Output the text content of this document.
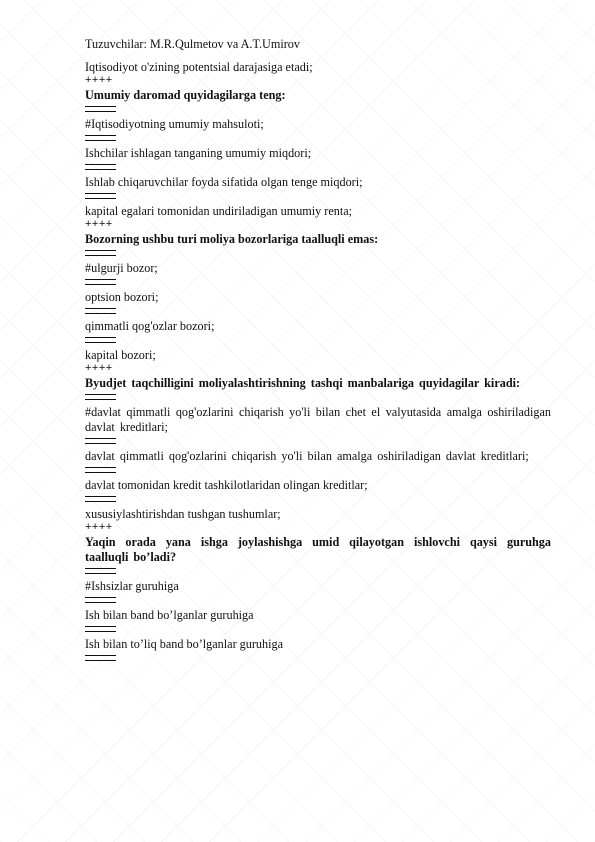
Tuzuvchilar: M.R.Qulmetov va A.T.Umirov

Iqtisodiyot o'zining potentsial darajasiga etadi;

++++

Umumiy daromad quyidagilarga teng:

#Iqtisodiyotning umumiy mahsuloti;

Ishchilar ishlagan tanganing umumiy miqdori;

Ishlab chiqaruvchilar foyda sifatida olgan tenge miqdori;

kapital egalari tomonidan undiriladigan umumiy renta;

++++

Bozorning ushbu turi moliya bozorlariga taalluqli emas:

#ulgurji bozor;

optsion bozori;

qimmatli qog'ozlar bozori;

kapital bozori;

++++

Byudjet taqchilligini moliyalashtirishning tashqi manbalariga quyidagilar kiradi:

#davlat qimmatli qog'ozlarini chiqarish yo'li bilan chet el valyutasida amalga oshiriladigan davlat kreditlari;

davlat qimmatli qog'ozlarini chiqarish yo'li bilan amalga oshiriladigan davlat kreditlari;

davlat tomonidan kredit tashkilotlaridan olingan kreditlar;

xususiylashtirishdan tushgan tushumlar;

++++

Yaqin orada yana ishga joylashishga umid qilayotgan ishlovchi qaysi guruhga taalluqli bo’ladi?

#Ishsizlar guruhiga

Ish bilan band bo’lganlar guruhiga

Ish bilan to’liq band bo’lganlar guruhiga
